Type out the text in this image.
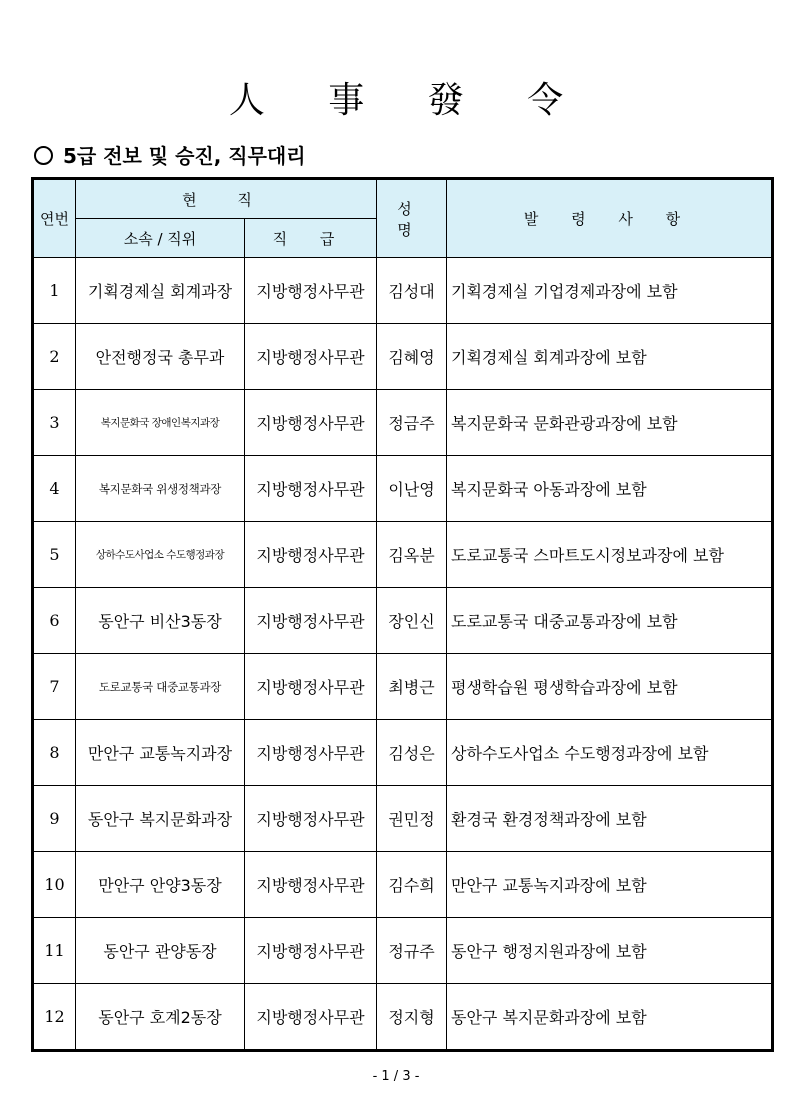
人 事 發 令
5급 전보 및 승진, 직무대리
연번	현 직		성 명	발 령 사 항
	소속 / 직위	직 급		
1	기획경제실 회계과장	지방행정사무관	김성대	기획경제실 기업경제과장에 보함
2	안전행정국 총무과	지방행정사무관	김혜영	기획경제실 회계과장에 보함
3	복지문화국 장애인복지과장	지방행정사무관	정금주	복지문화국 문화관광과장에 보함
4	복지문화국 위생정책과장	지방행정사무관	이난영	복지문화국 아동과장에 보함
5	상하수도사업소 수도행정과장	지방행정사무관	김옥분	도로교통국 스마트도시정보과장에 보함
6	동안구 비산3동장	지방행정사무관	장인신	도로교통국 대중교통과장에 보함
7	도로교통국 대중교통과장	지방행정사무관	최병근	평생학습원 평생학습과장에 보함
8	만안구 교통녹지과장	지방행정사무관	김성은	상하수도사업소 수도행정과장에 보함
9	동안구 복지문화과장	지방행정사무관	권민정	환경국 환경정책과장에 보함
10	만안구 안양3동장	지방행정사무관	김수희	만안구 교통녹지과장에 보함
11	동안구 관양동장	지방행정사무관	정규주	동안구 행정지원과장에 보함
12	동안구 호계2동장	지방행정사무관	정지형	동안구 복지문화과장에 보함
- 1 / 3 -
